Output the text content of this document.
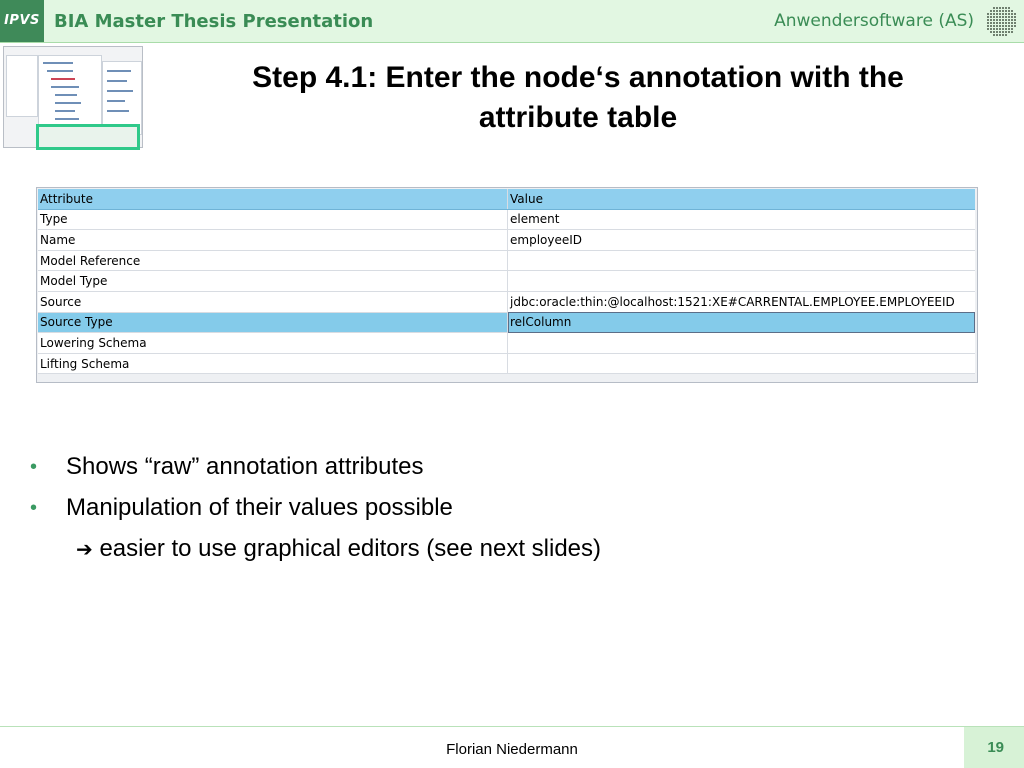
IPVS BIA Master Thesis Presentation	Anwendersoftware (AS)
Step 4.1: Enter the node‘s annotation with the
attribute table
Attribute	Value
Type	element
Name	employeeID
Model Reference	
Model Type	
Source	jdbc:oracle:thin:@localhost:1521:XE#CARRENTAL.EMPLOYEE.EMPLOYEEID
Source Type	relColumn
Lowering Schema	
Lifting Schema	
• Shows “raw” annotation attributes
• Manipulation of their values possible
➔ easier to use graphical editors (see next slides)
Florian Niedermann	19
